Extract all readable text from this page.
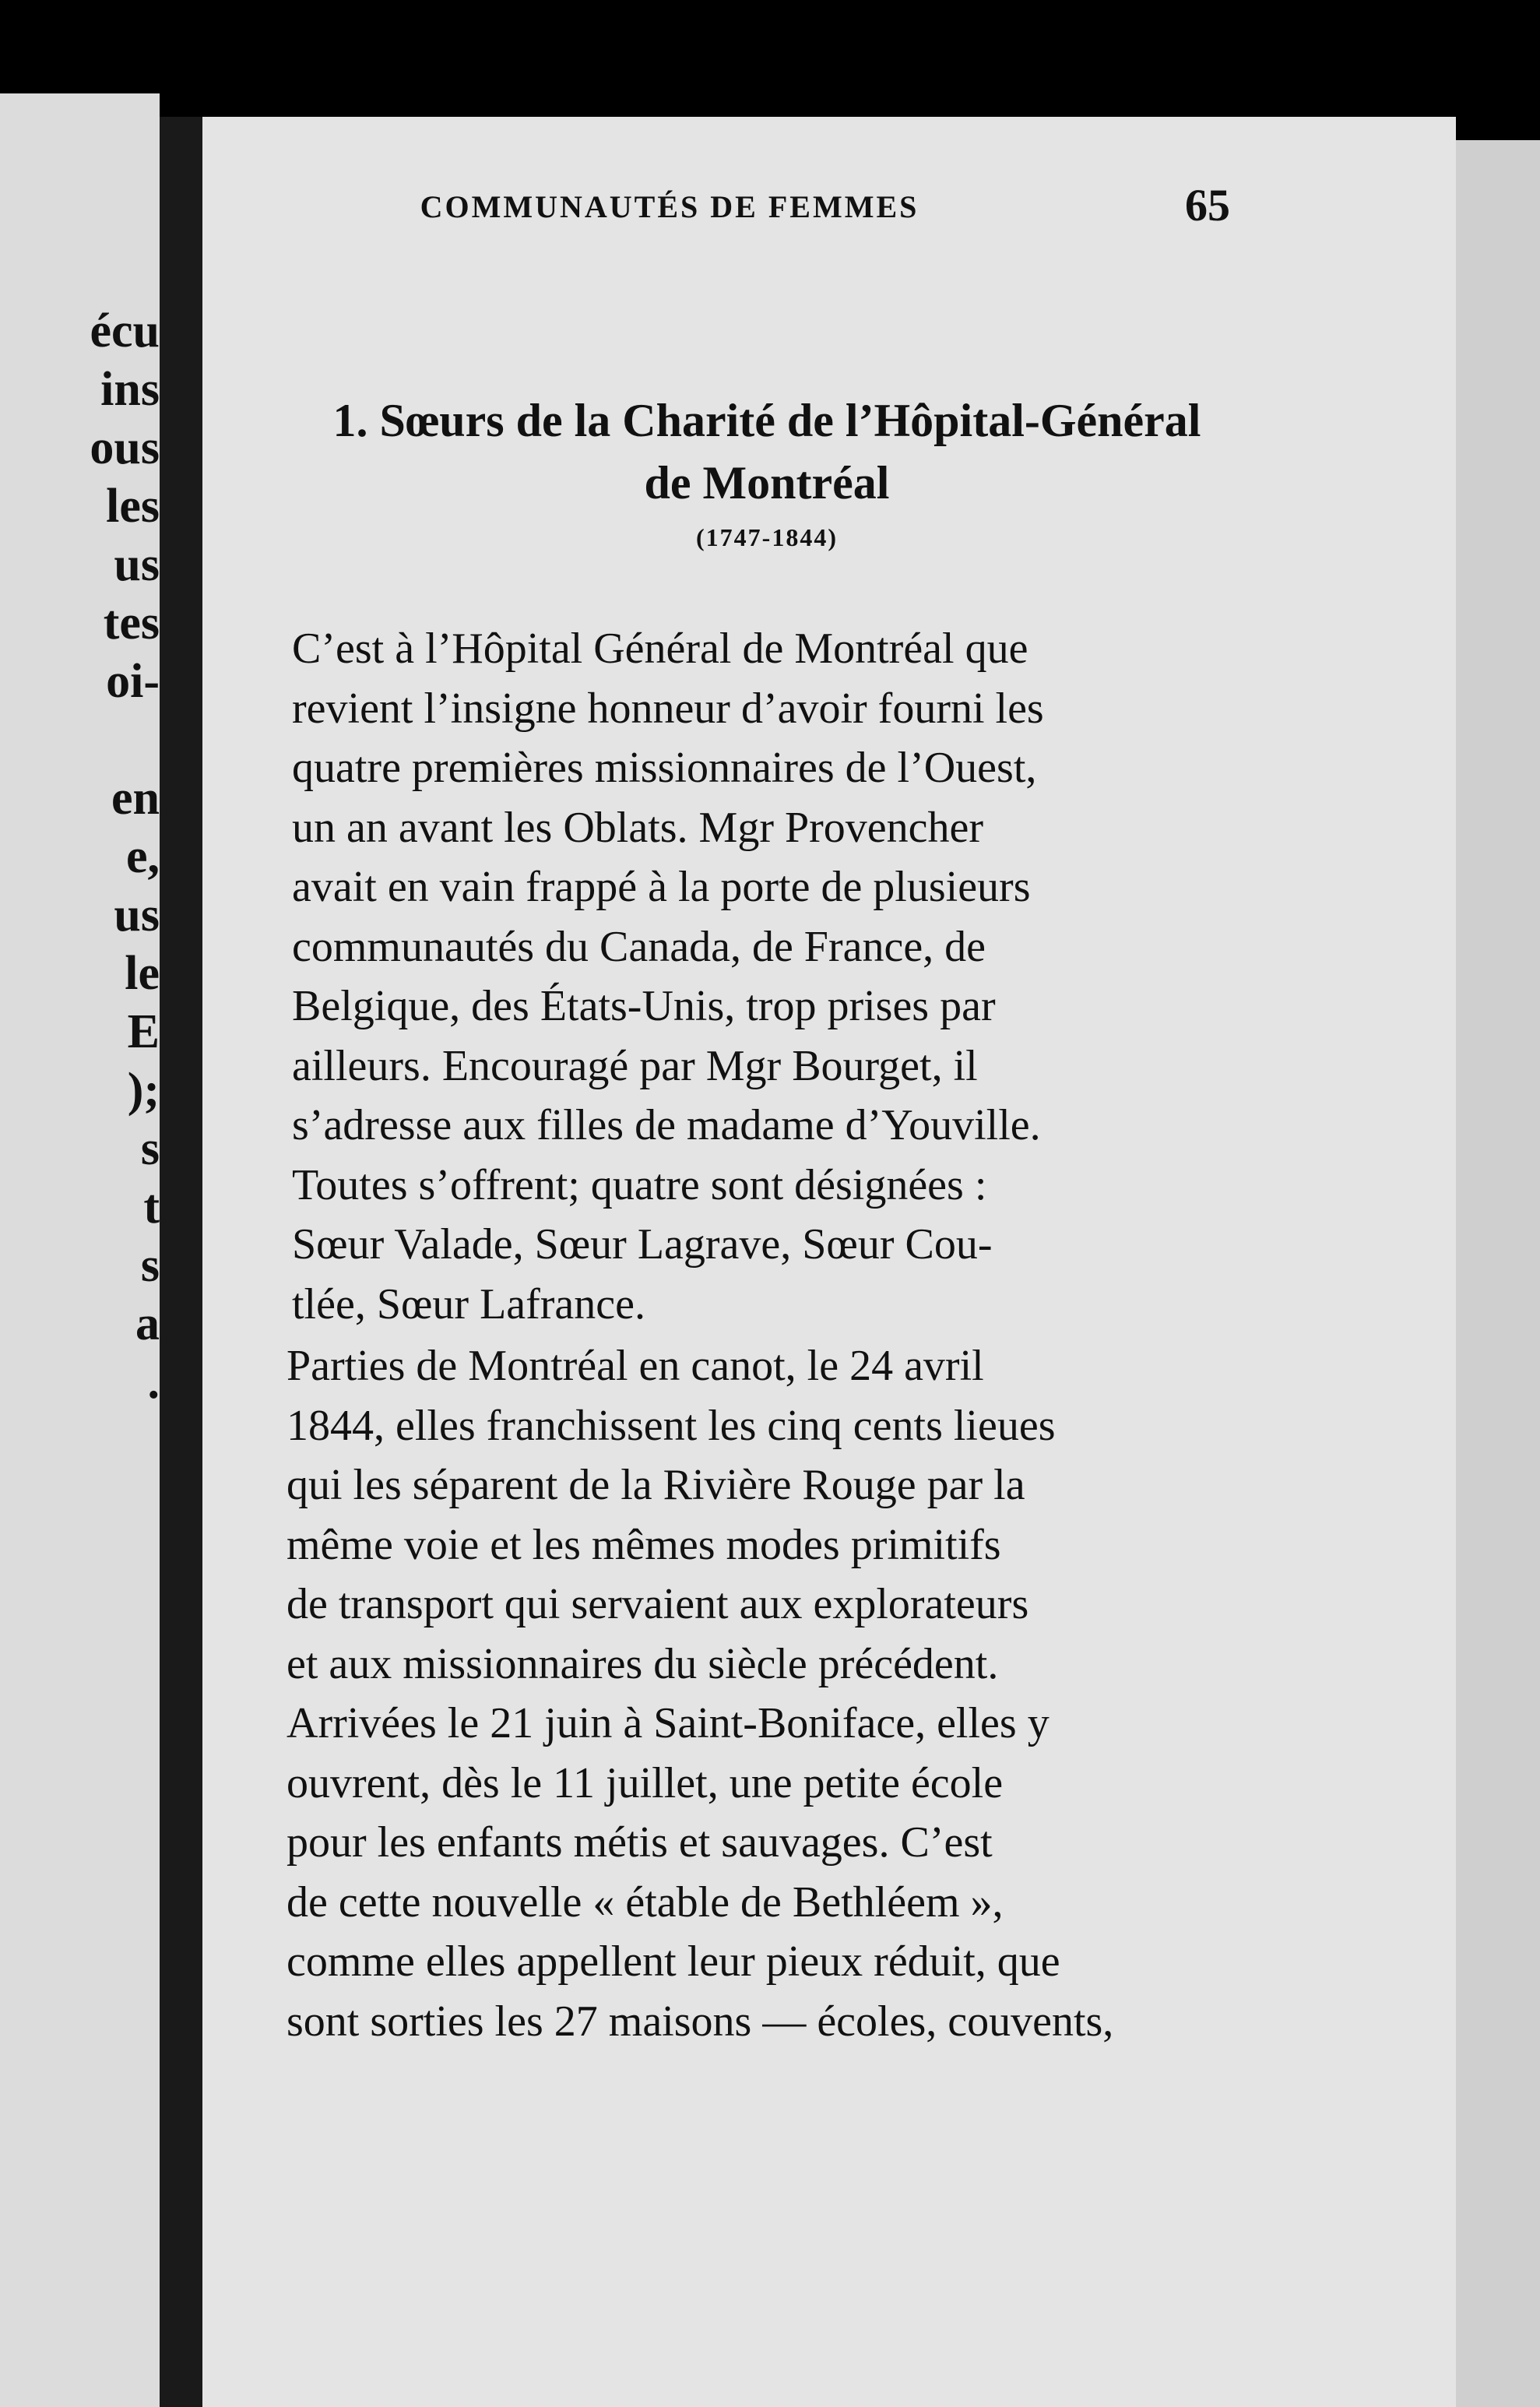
écu
ins
ous
les
us
tes
oi-
en
e,
us
le
E
);
s
t
s
a
.
COMMUNAUTÉS DE FEMMES	65
1. Sœurs de la Charité de l’Hôpital-Général
de Montréal
(1747-1844)
C’est à l’Hôpital Général de Montréal que
revient l’insigne honneur d’avoir fourni les
quatre premières missionnaires de l’Ouest,
un an avant les Oblats. Mgr Provencher
avait en vain frappé à la porte de plusieurs
communautés du Canada, de France, de
Belgique, des États-Unis, trop prises par
ailleurs. Encouragé par Mgr Bourget, il
s’adresse aux filles de madame d’Youville.
Toutes s’offrent; quatre sont désignées :
Sœur Valade, Sœur Lagrave, Sœur Cou-
tlée, Sœur Lafrance.
Parties de Montréal en canot, le 24 avril
1844, elles franchissent les cinq cents lieues
qui les séparent de la Rivière Rouge par la
même voie et les mêmes modes primitifs
de transport qui servaient aux explorateurs
et aux missionnaires du siècle précédent.
Arrivées le 21 juin à Saint-Boniface, elles y
ouvrent, dès le 11 juillet, une petite école
pour les enfants métis et sauvages. C’est
de cette nouvelle « étable de Bethléem »,
comme elles appellent leur pieux réduit, que
sont sorties les 27 maisons — écoles, couvents,
